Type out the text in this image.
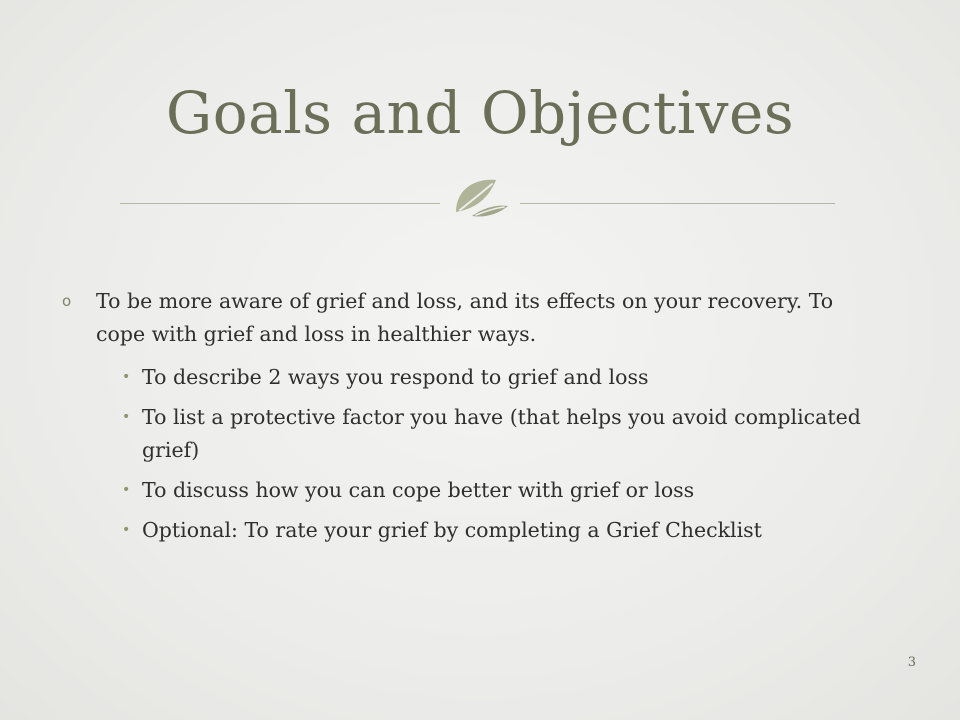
Goals and Objectives
o To be more aware of grief and loss, and its effects on your recovery. To cope with grief and loss in healthier ways.
• To describe 2 ways you respond to grief and loss
• To list a protective factor you have (that helps you avoid complicated grief)
• To discuss how you can cope better with grief or loss
• Optional: To rate your grief by completing a Grief Checklist
3
